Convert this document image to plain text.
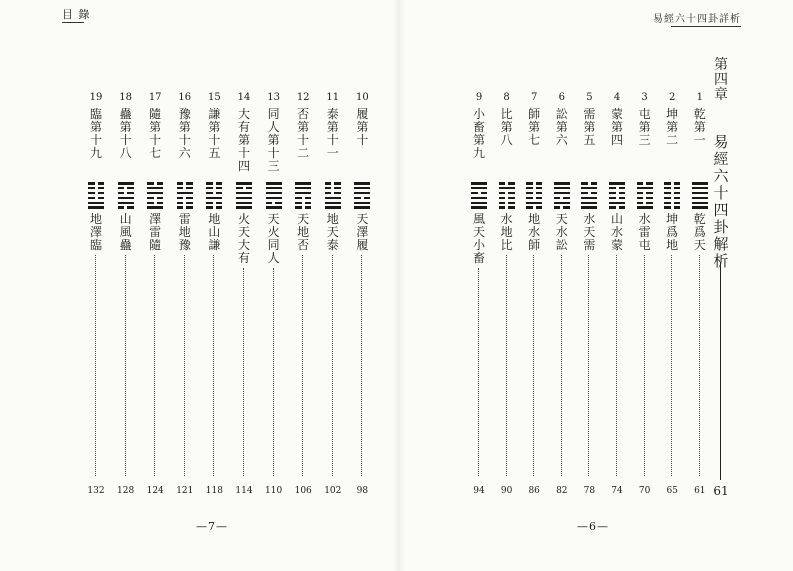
目 錄
19
臨第十九
地澤臨
132
18
蠱第十八
山風蠱
128
17
隨第十七
澤雷隨
124
16
豫第十六
雷地豫
121
15
謙第十五
地山謙
118
14
大有第十四
火天大有
114
13
同人第十三
天火同人
110
12
否第十二
天地否
106
11
泰第十一
地天泰
102
10
履第十
天澤履
98
—7—
易經六十四卦詳析
9
小畜第九
風天小畜
94
8
比第八
水地比
90
7
師第七
地水師
86
6
訟第六
天水訟
82
5
需第五
水天需
78
4
蒙第四
山水蒙
74
3
屯第三
水雷屯
70
2
坤第二
坤爲地
65
1
乾第一
乾爲天
61
第四章
易經六十四卦解析
61
—6—
